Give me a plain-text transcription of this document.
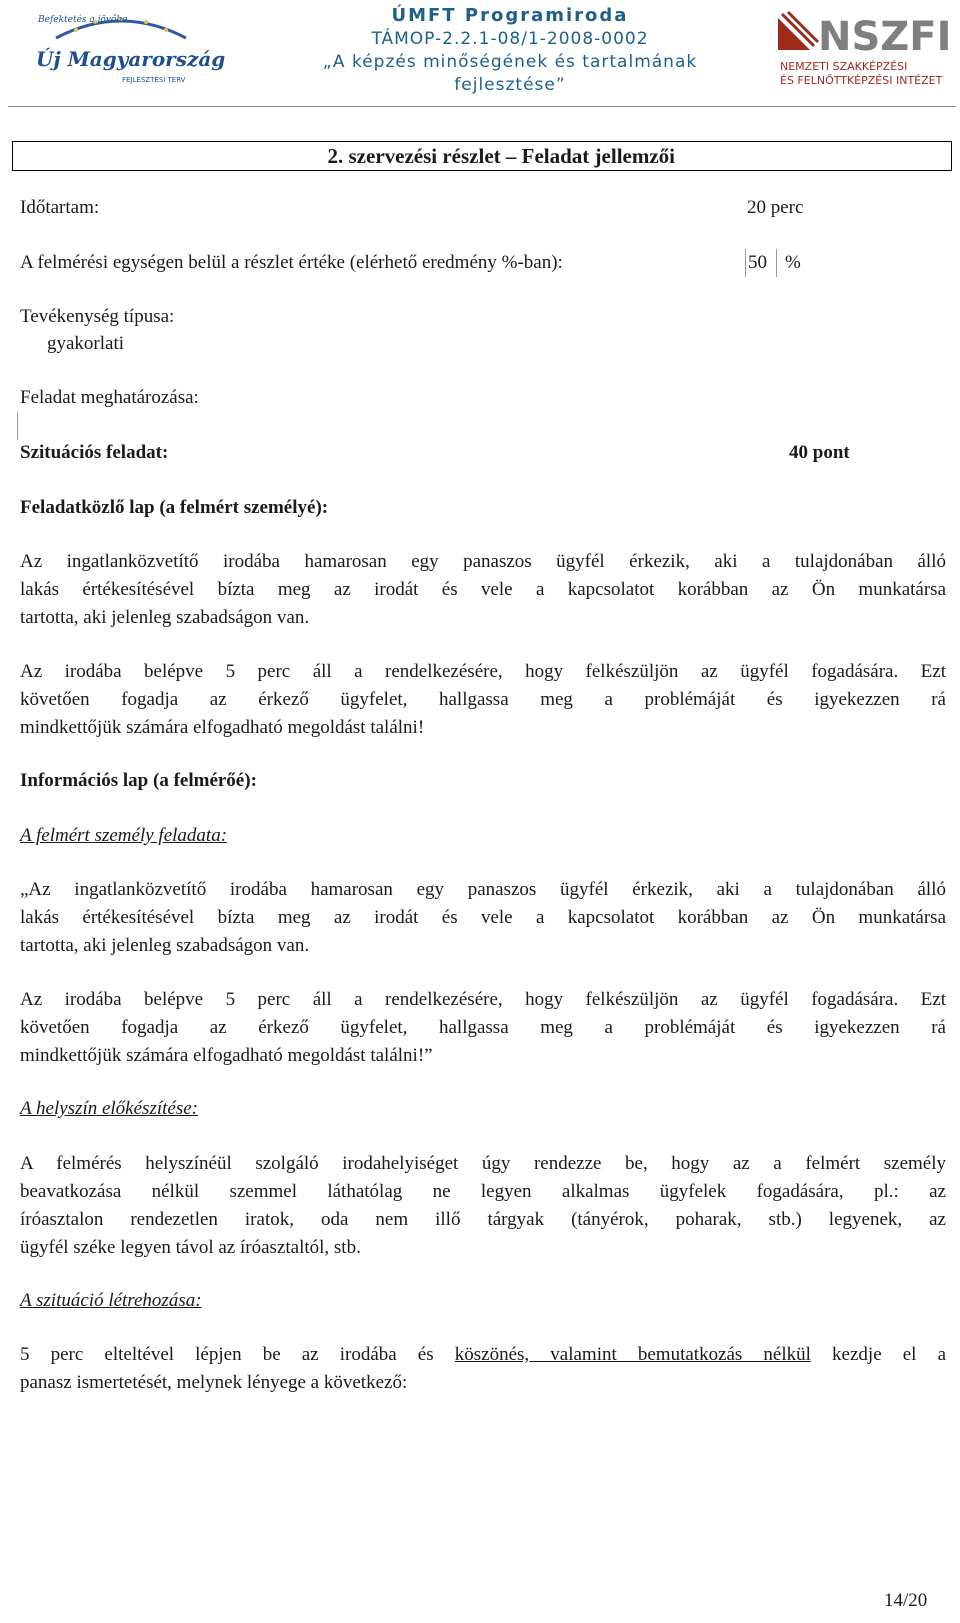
Befektetés a jövőbe
Új Magyarország
FEJLESZTÉSI TERV
ÚMFT Programiroda
TÁMOP-2.2.1-08/1-2008-0002
„A képzés minőségének és tartalmának
fejlesztése”
NSZFI
NEMZETI SZAKKÉPZÉSI
ÉS FELNŐTTKÉPZÉSI INTÉZET
2. szervezési részlet – Feladat jellemzői
Időtartam:	20 perc
A felmérési egységen belül a részlet értéke (elérhető eredmény %-ban):	50 %
Tevékenység típusa:
gyakorlati
Feladat meghatározása:
Szituációs feladat:	40 pont
Feladatközlő lap (a felmért személyé):
Az ingatlanközvetítő irodába hamarosan egy panaszos ügyfél érkezik, aki a tulajdonában álló
lakás értékesítésével bízta meg az irodát és vele a kapcsolatot korábban az Ön munkatársa
tartotta, aki jelenleg szabadságon van.
Az irodába belépve 5 perc áll a rendelkezésére, hogy felkészüljön az ügyfél fogadására. Ezt
követően fogadja az érkező ügyfelet, hallgassa meg a problémáját és igyekezzen rá
mindkettőjük számára elfogadható megoldást találni!
Információs lap (a felmérőé):
A felmért személy feladata:
„Az ingatlanközvetítő irodába hamarosan egy panaszos ügyfél érkezik, aki a tulajdonában álló
lakás értékesítésével bízta meg az irodát és vele a kapcsolatot korábban az Ön munkatársa
tartotta, aki jelenleg szabadságon van.
Az irodába belépve 5 perc áll a rendelkezésére, hogy felkészüljön az ügyfél fogadására. Ezt
követően fogadja az érkező ügyfelet, hallgassa meg a problémáját és igyekezzen rá
mindkettőjük számára elfogadható megoldást találni!”
A helyszín előkészítése:
A felmérés helyszínéül szolgáló irodahelyiséget úgy rendezze be, hogy az a felmért személy
beavatkozása nélkül szemmel láthatólag ne legyen alkalmas ügyfelek fogadására, pl.: az
íróasztalon rendezetlen iratok, oda nem illő tárgyak (tányérok, poharak, stb.) legyenek, az
ügyfél széke legyen távol az íróasztaltól, stb.
A szituáció létrehozása:
5 perc elteltével lépjen be az irodába és köszönés, valamint bemutatkozás nélkül kezdje el a
panasz ismertetését, melynek lényege a következő:
14/20
